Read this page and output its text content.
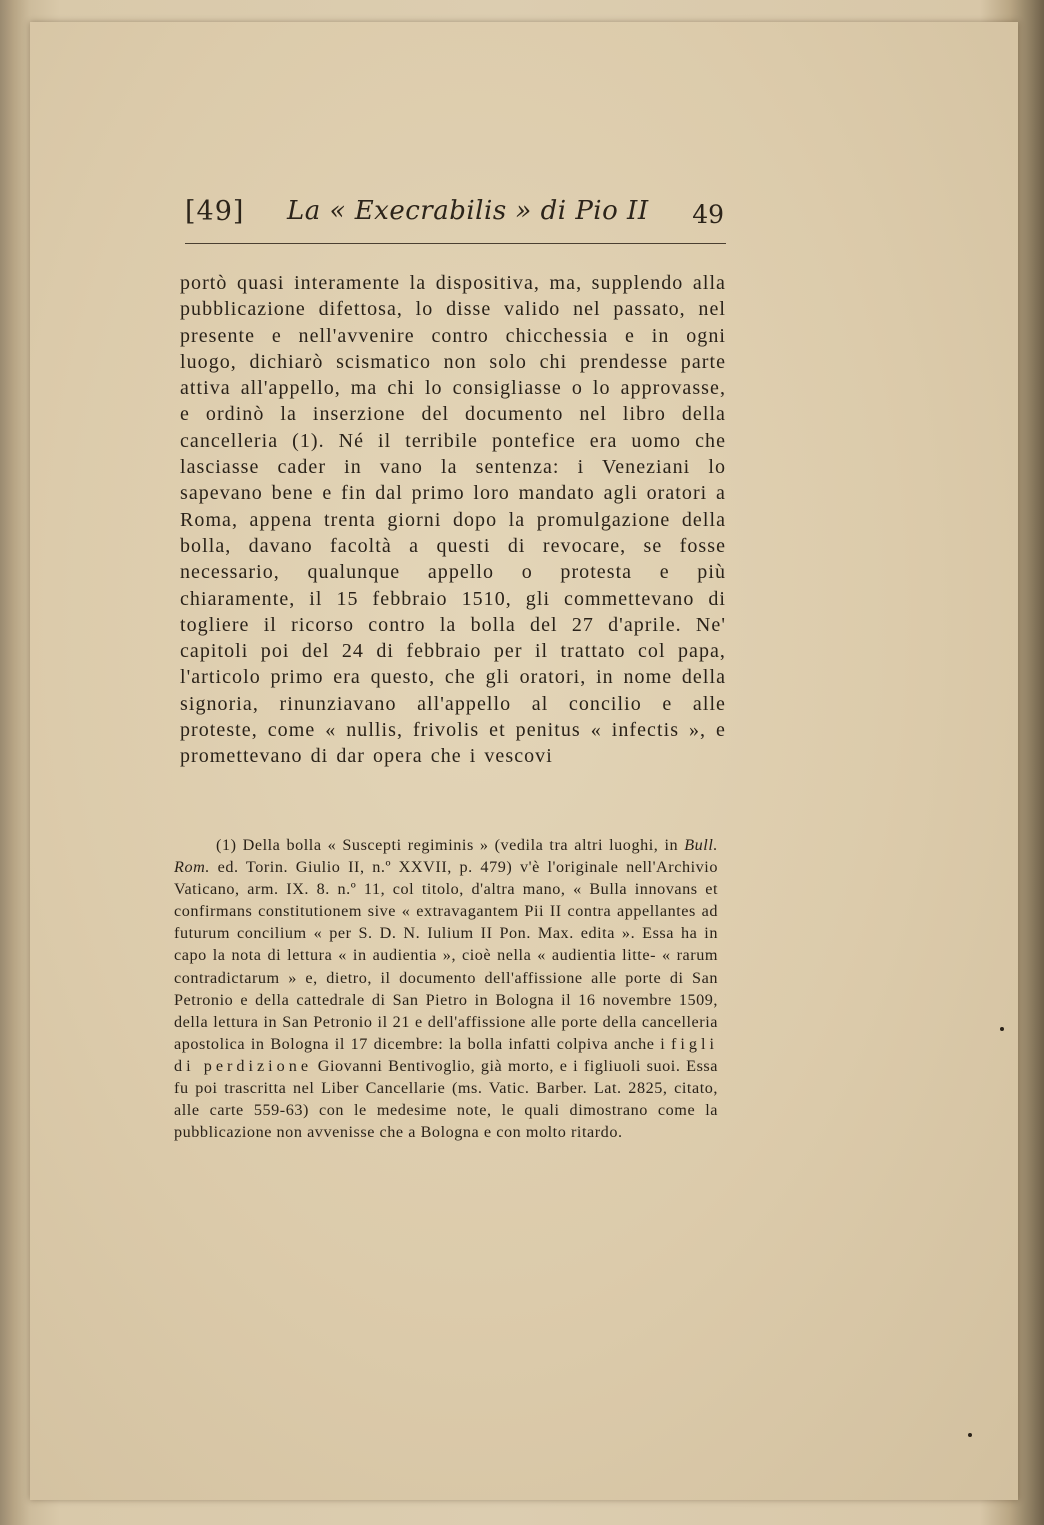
[49] La « Execrabilis » di Pio II 49

portò quasi interamente la dispositiva, ma, supplendo alla pubblicazione difettosa, lo disse valido nel passato, nel presente e nell'avvenire contro chicchessia e in ogni luogo, dichiarò scismatico non solo chi prendesse parte attiva all'appello, ma chi lo consigliasse o lo approvasse, e ordinò la inserzione del documento nel libro della cancelleria (1). Né il terribile pontefice era uomo che lasciasse cader in vano la sentenza: i Veneziani lo sapevano bene e fin dal primo loro mandato agli oratori a Roma, appena trenta giorni dopo la promulgazione della bolla, davano facoltà a questi di revocare, se fosse necessario, qualunque appello o protesta e più chiaramente, il 15 febbraio 1510, gli commettevano di togliere il ricorso contro la bolla del 27 d'aprile. Ne' capitoli poi del 24 di febbraio per il trattato col papa, l'articolo primo era questo, che gli oratori, in nome della signoria, rinunziavano all'appello al concilio e alle proteste, come « nullis, frivolis et penitus « infectis », e promettevano di dar opera che i vescovi

(1) Della bolla « Suscepti regiminis » (vedila tra altri luoghi, in Bull. Rom. ed. Torin. Giulio II, n.º XXVII, p. 479) v'è l'originale nell'Archivio Vaticano, arm. IX. 8. n.º 11, col titolo, d'altra mano, « Bulla innovans et confirmans constitutionem sive « extravagantem Pii II contra appellantes ad futurum concilium « per S. D. N. Iulium II Pon. Max. edita ». Essa ha in capo la nota di lettura « in audientia », cioè nella « audientia litte- « rarum contradictarum » e, dietro, il documento dell'affissione alle porte di San Petronio e della cattedrale di San Pietro in Bologna il 16 novembre 1509, della lettura in San Petronio il 21 e dell'affissione alle porte della cancelleria apostolica in Bologna il 17 dicembre: la bolla infatti colpiva anche i figli di perdizione Giovanni Bentivoglio, già morto, e i figliuoli suoi. Essa fu poi trascritta nel Liber Cancellarie (ms. Vatic. Barber. Lat. 2825, citato, alle carte 559-63) con le medesime note, le quali dimostrano come la pubblicazione non avvenisse che a Bologna e con molto ritardo.
